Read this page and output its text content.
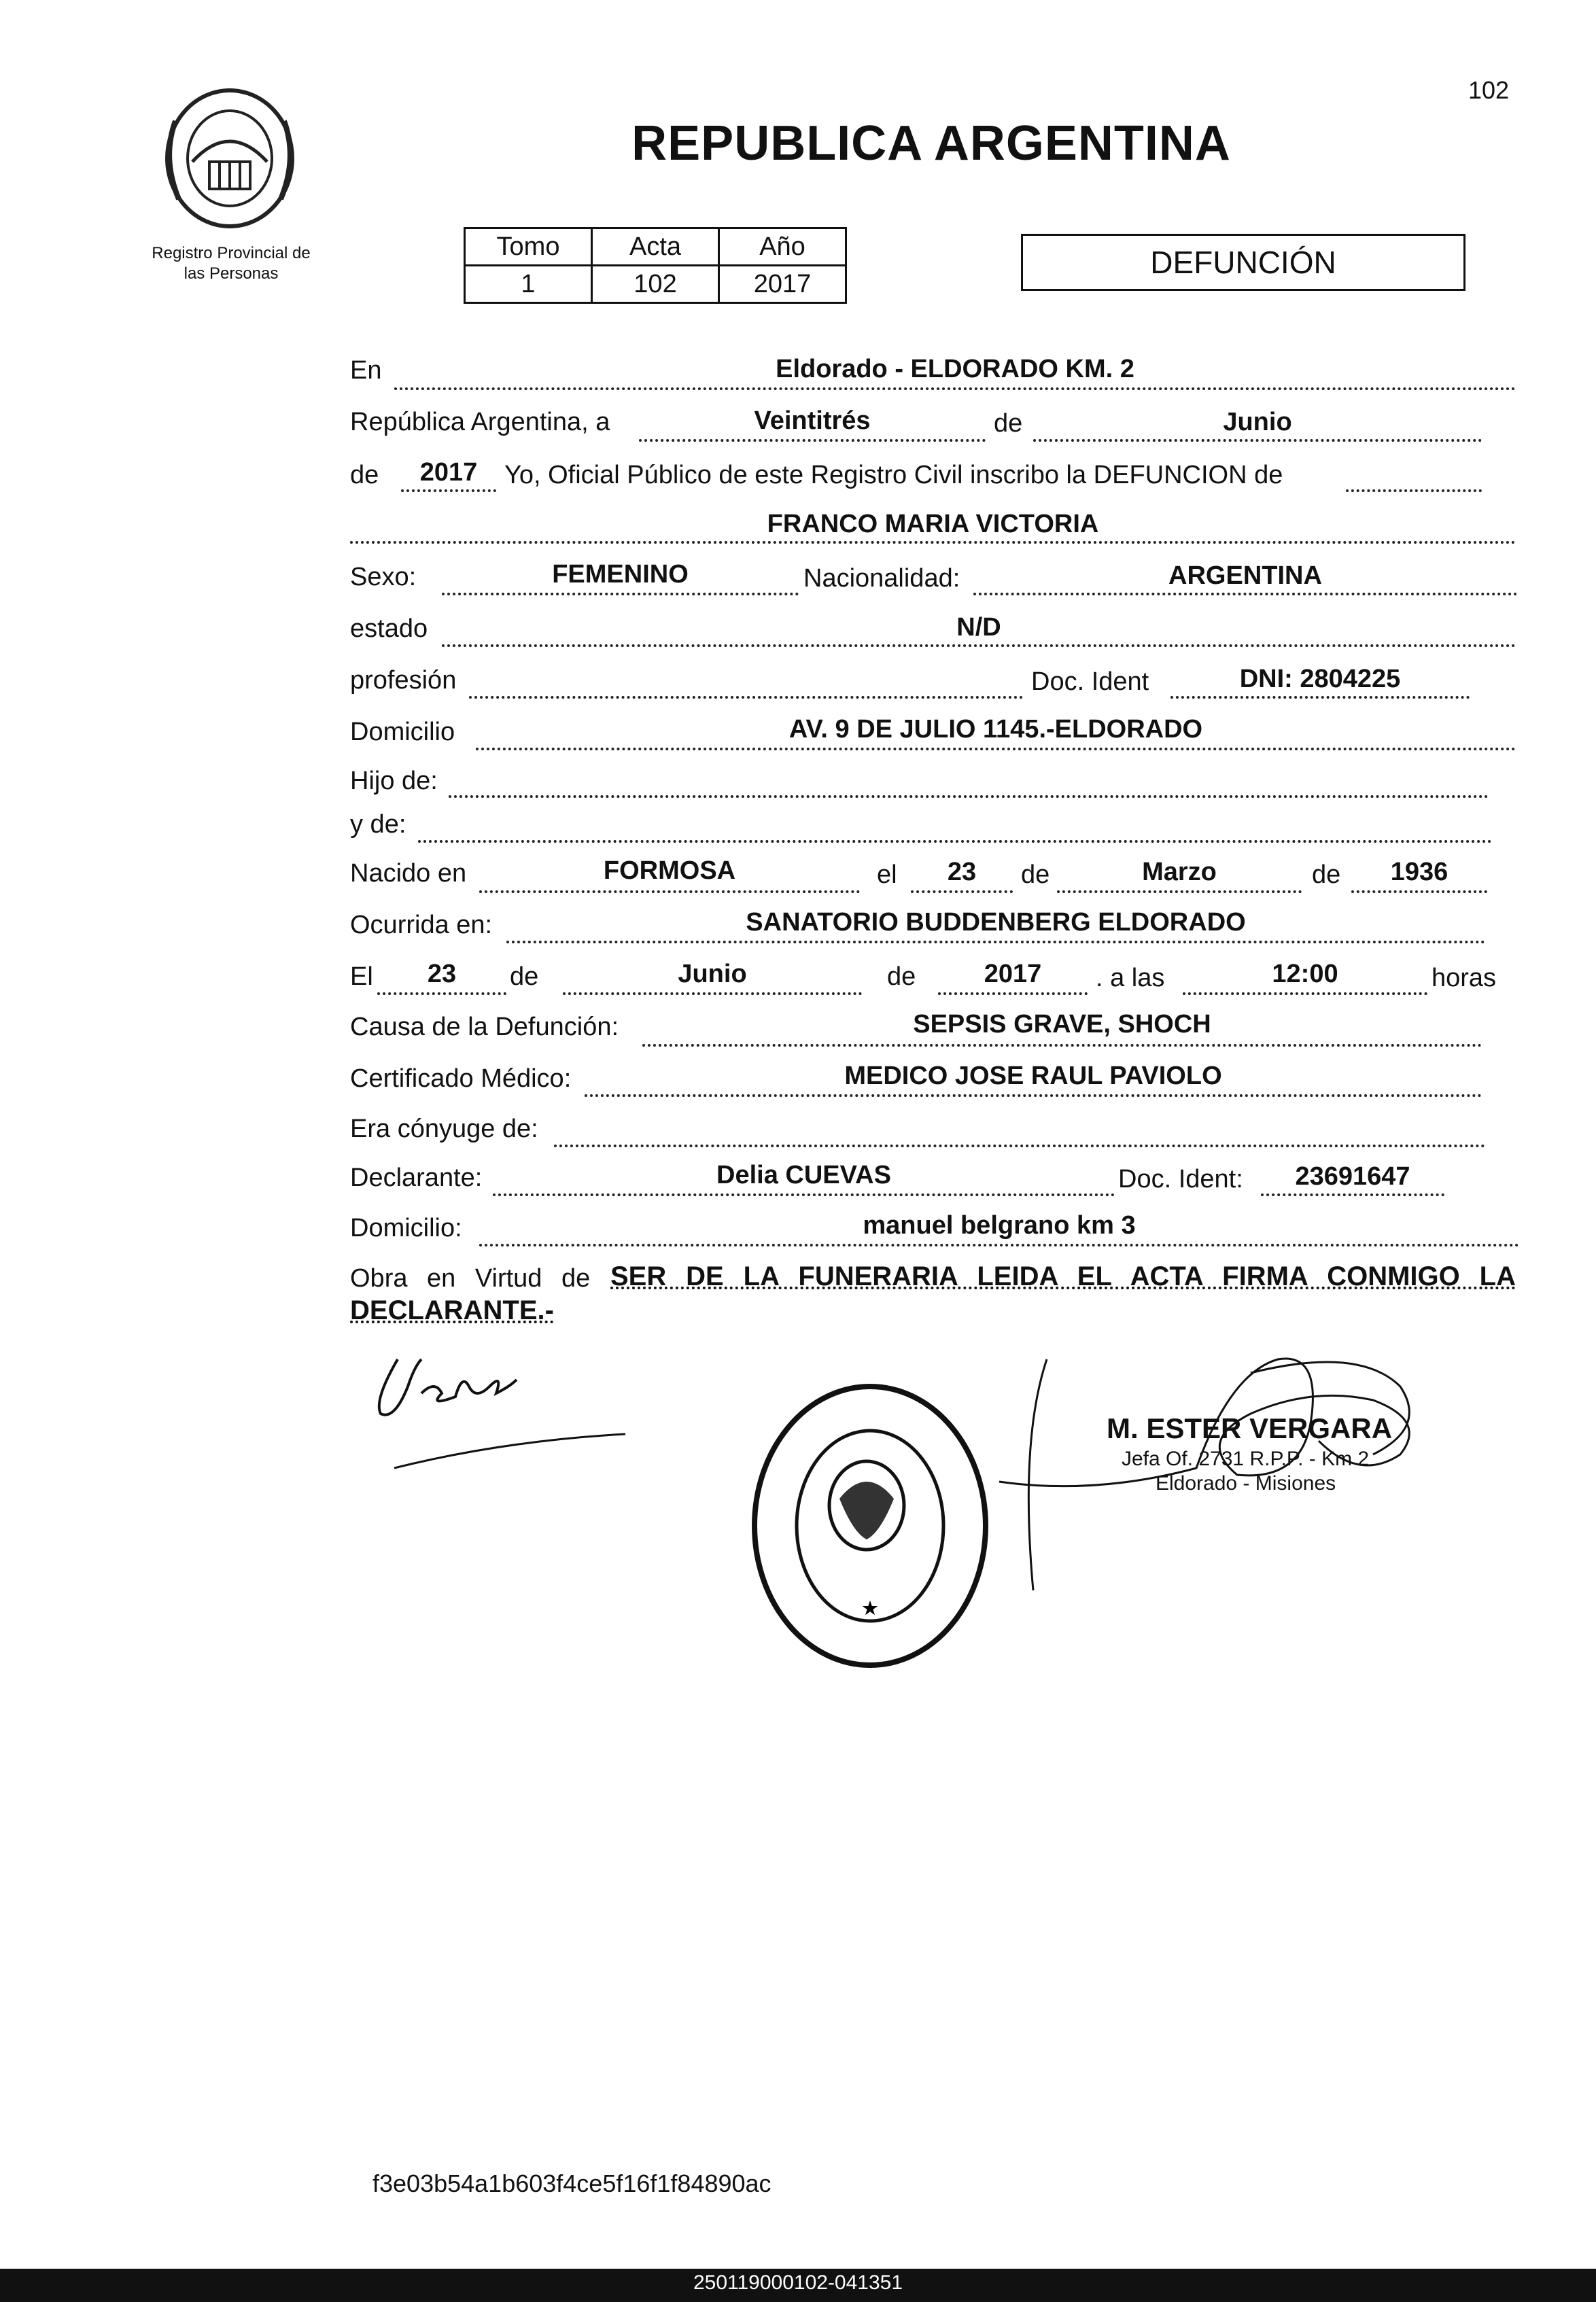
102
REPUBLICA ARGENTINA
Registro Provincial de
las Personas
Tomo	Acta	Año
1	102	2017
DEFUNCIÓN
En	Eldorado - ELDORADO KM. 2
República Argentina, a	Veintitrés	de	Junio
de	2017	Yo, Oficial Público de este Registro Civil inscribo la DEFUNCION de
FRANCO MARIA VICTORIA
Sexo:	FEMENINO	Nacionalidad:	ARGENTINA
estado	N/D
profesión	Doc. Ident	DNI: 2804225
Domicilio	AV. 9 DE JULIO 1145.-ELDORADO
Hijo de:
y de:
Nacido en	FORMOSA	el	23	de	Marzo	de	1936
Ocurrida en:	SANATORIO BUDDENBERG ELDORADO
El	23	de	Junio	de	2017	. a las	12:00	horas
Causa de la Defunción:	SEPSIS GRAVE, SHOCH
Certificado Médico:	MEDICO JOSE RAUL PAVIOLO
Era cónyuge de:
Declarante:	Delia CUEVAS	Doc. Ident:	23691647
Domicilio:	manuel belgrano km 3
Obra en Virtud de SER DE LA FUNERARIA LEIDA EL ACTA FIRMA CONMIGO LA
DECLARANTE.-
★
M. ESTER VERGARA
Jefa Of. 2731 R.P.P. - Km 2
Eldorado - Misiones
f3e03b54a1b603f4ce5f16f1f84890ac
250119000102-041351
